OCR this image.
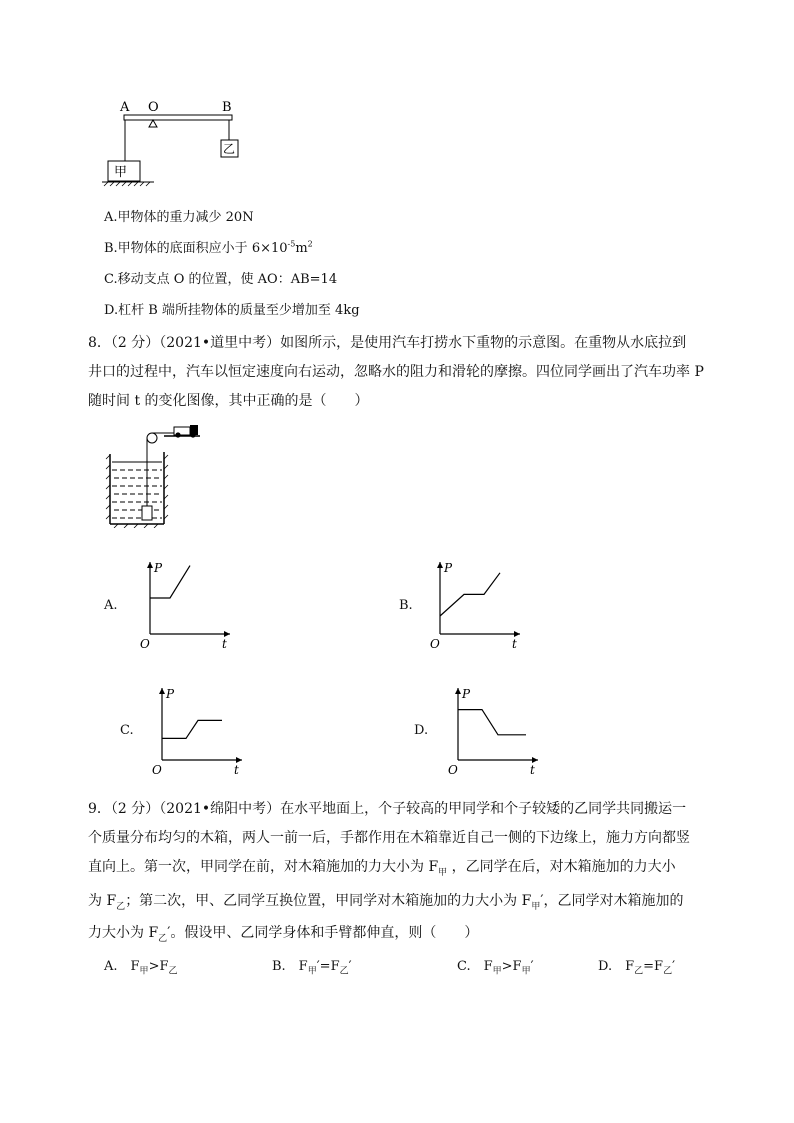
A O	B
甲
乙
A.甲物体的重力减少 20N
B.甲物体的底面积应小于 $6\times 10^{-5}m^2$
C.移动支点 O 的位置，使 AO：AB=14
D.杠杆 B 端所挂物体的质量至少增加至 4kg
8．（2 分）（2021•道里中考）如图所示，是使用汽车打捞水下重物的示意图。在重物从水底拉到
井口的过程中，汽车以恒定速度向右运动，忽略水的阻力和滑轮的摩擦。四位同学画出了汽车功率 P
随时间 t 的变化图像，其中正确的是（　　）
A.
P
t
O
B.
P
t
O
C.
P
t
O
D.
P
t
O
9．（2 分）（2021•绵阳中考）在水平地面上，个子较高的甲同学和个子较矮的乙同学共同搬运一
个质量分布均匀的木箱，两人一前一后，手都作用在木箱靠近自己一侧的下边缘上，施力方向都竖
直向上。第一次，甲同学在前，对木箱施加的力大小为 $F_甲$ ，乙同学在后，对木箱施加的力大小
为 $F_乙$；第二次，甲、乙同学互换位置，甲同学对木箱施加的力大小为 $F_甲'$，乙同学对木箱施加的
力大小为 $F_乙'$。假设甲、乙同学身体和手臂都伸直，则（　　）
A.　$F_甲>F_乙$	B.　$F_甲'=F_乙'$	C.　$F_甲>F_甲'$	D.　$F_乙=F_乙'$
